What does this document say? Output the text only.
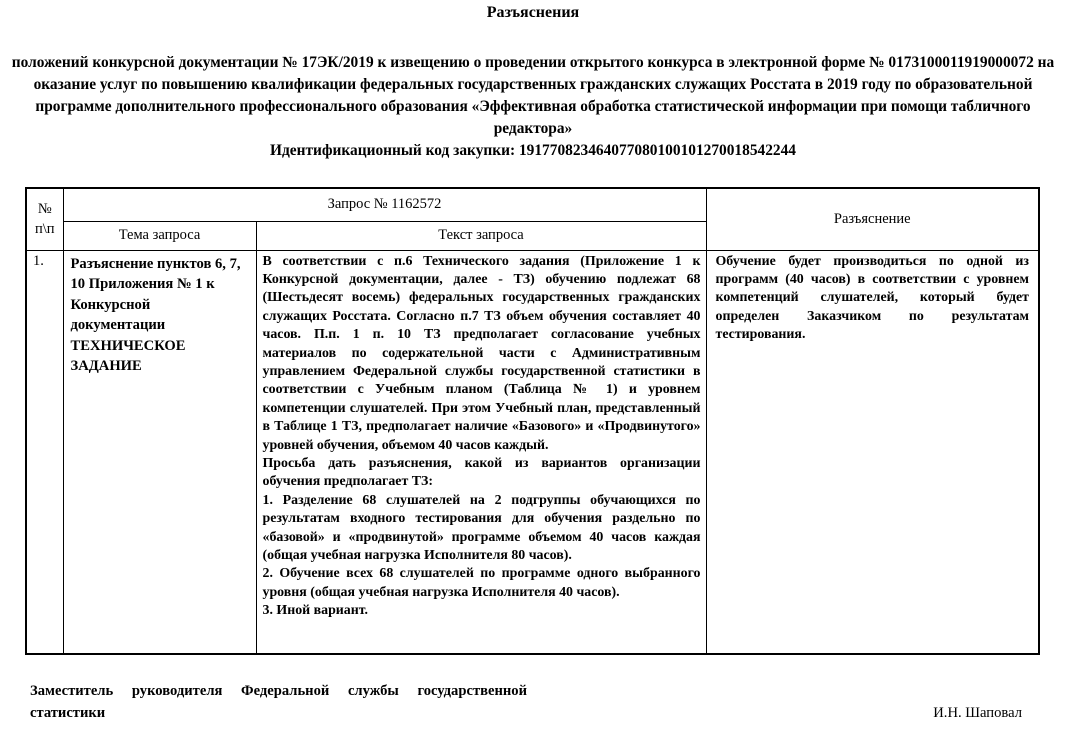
Разъяснения
положений конкурсной документации № 17ЭК/2019 к извещению о проведении открытого конкурса в электронной форме № 0173100011919000072 на оказание услуг по повышению квалификации федеральных государственных гражданских служащих Росстата в 2019 году по образовательной программе дополнительного профессионального образования «Эффективная обработка статистической информации при помощи табличного редактора»
Идентификационный код закупки: 191770823464077080100101270018542244
№ п\п	Запрос № 1162572		Разъяснение
	Тема запроса	Текст запроса	
1.	Разъяснение пунктов 6, 7, 10 Приложения № 1 к Конкурсной документации ТЕХНИЧЕСКОЕ ЗАДАНИЕ	В соответствии с п.6 Технического задания (Приложение 1 к Конкурсной документации, далее - ТЗ) обучению подлежат 68 (Шестьдесят восемь) федеральных государственных гражданских служащих Росстата. Согласно п.7 ТЗ объем обучения составляет 40 часов. П.п. 1 п. 10 ТЗ предполагает согласование учебных материалов по содержательной части с Административным управлением Федеральной службы государственной статистики в соответствии с Учебным планом (Таблица № 1) и уровнем компетенции слушателей. При этом Учебный план, представленный в Таблице 1 ТЗ, предполагает наличие «Базового» и «Продвинутого» уровней обучения, объемом 40 часов каждый.

Просьба дать разъяснения, какой из вариантов организации обучения предполагает ТЗ:

1. Разделение 68 слушателей на 2 подгруппы обучающихся по результатам входного тестирования для обучения раздельно по «базовой» и «продвинутой» программе объемом 40 часов каждая (общая учебная нагрузка Исполнителя 80 часов).

2. Обучение всех 68 слушателей по программе одного выбранного уровня (общая учебная нагрузка Исполнителя 40 часов).

3. Иной вариант.	Обучение будет производиться по одной из программ (40 часов) в соответствии с уровнем компетенций слушателей, который будет определен Заказчиком по результатам тестирования.

Заместитель руководителя Федеральной службы государственной статистики	И.Н. Шаповал
